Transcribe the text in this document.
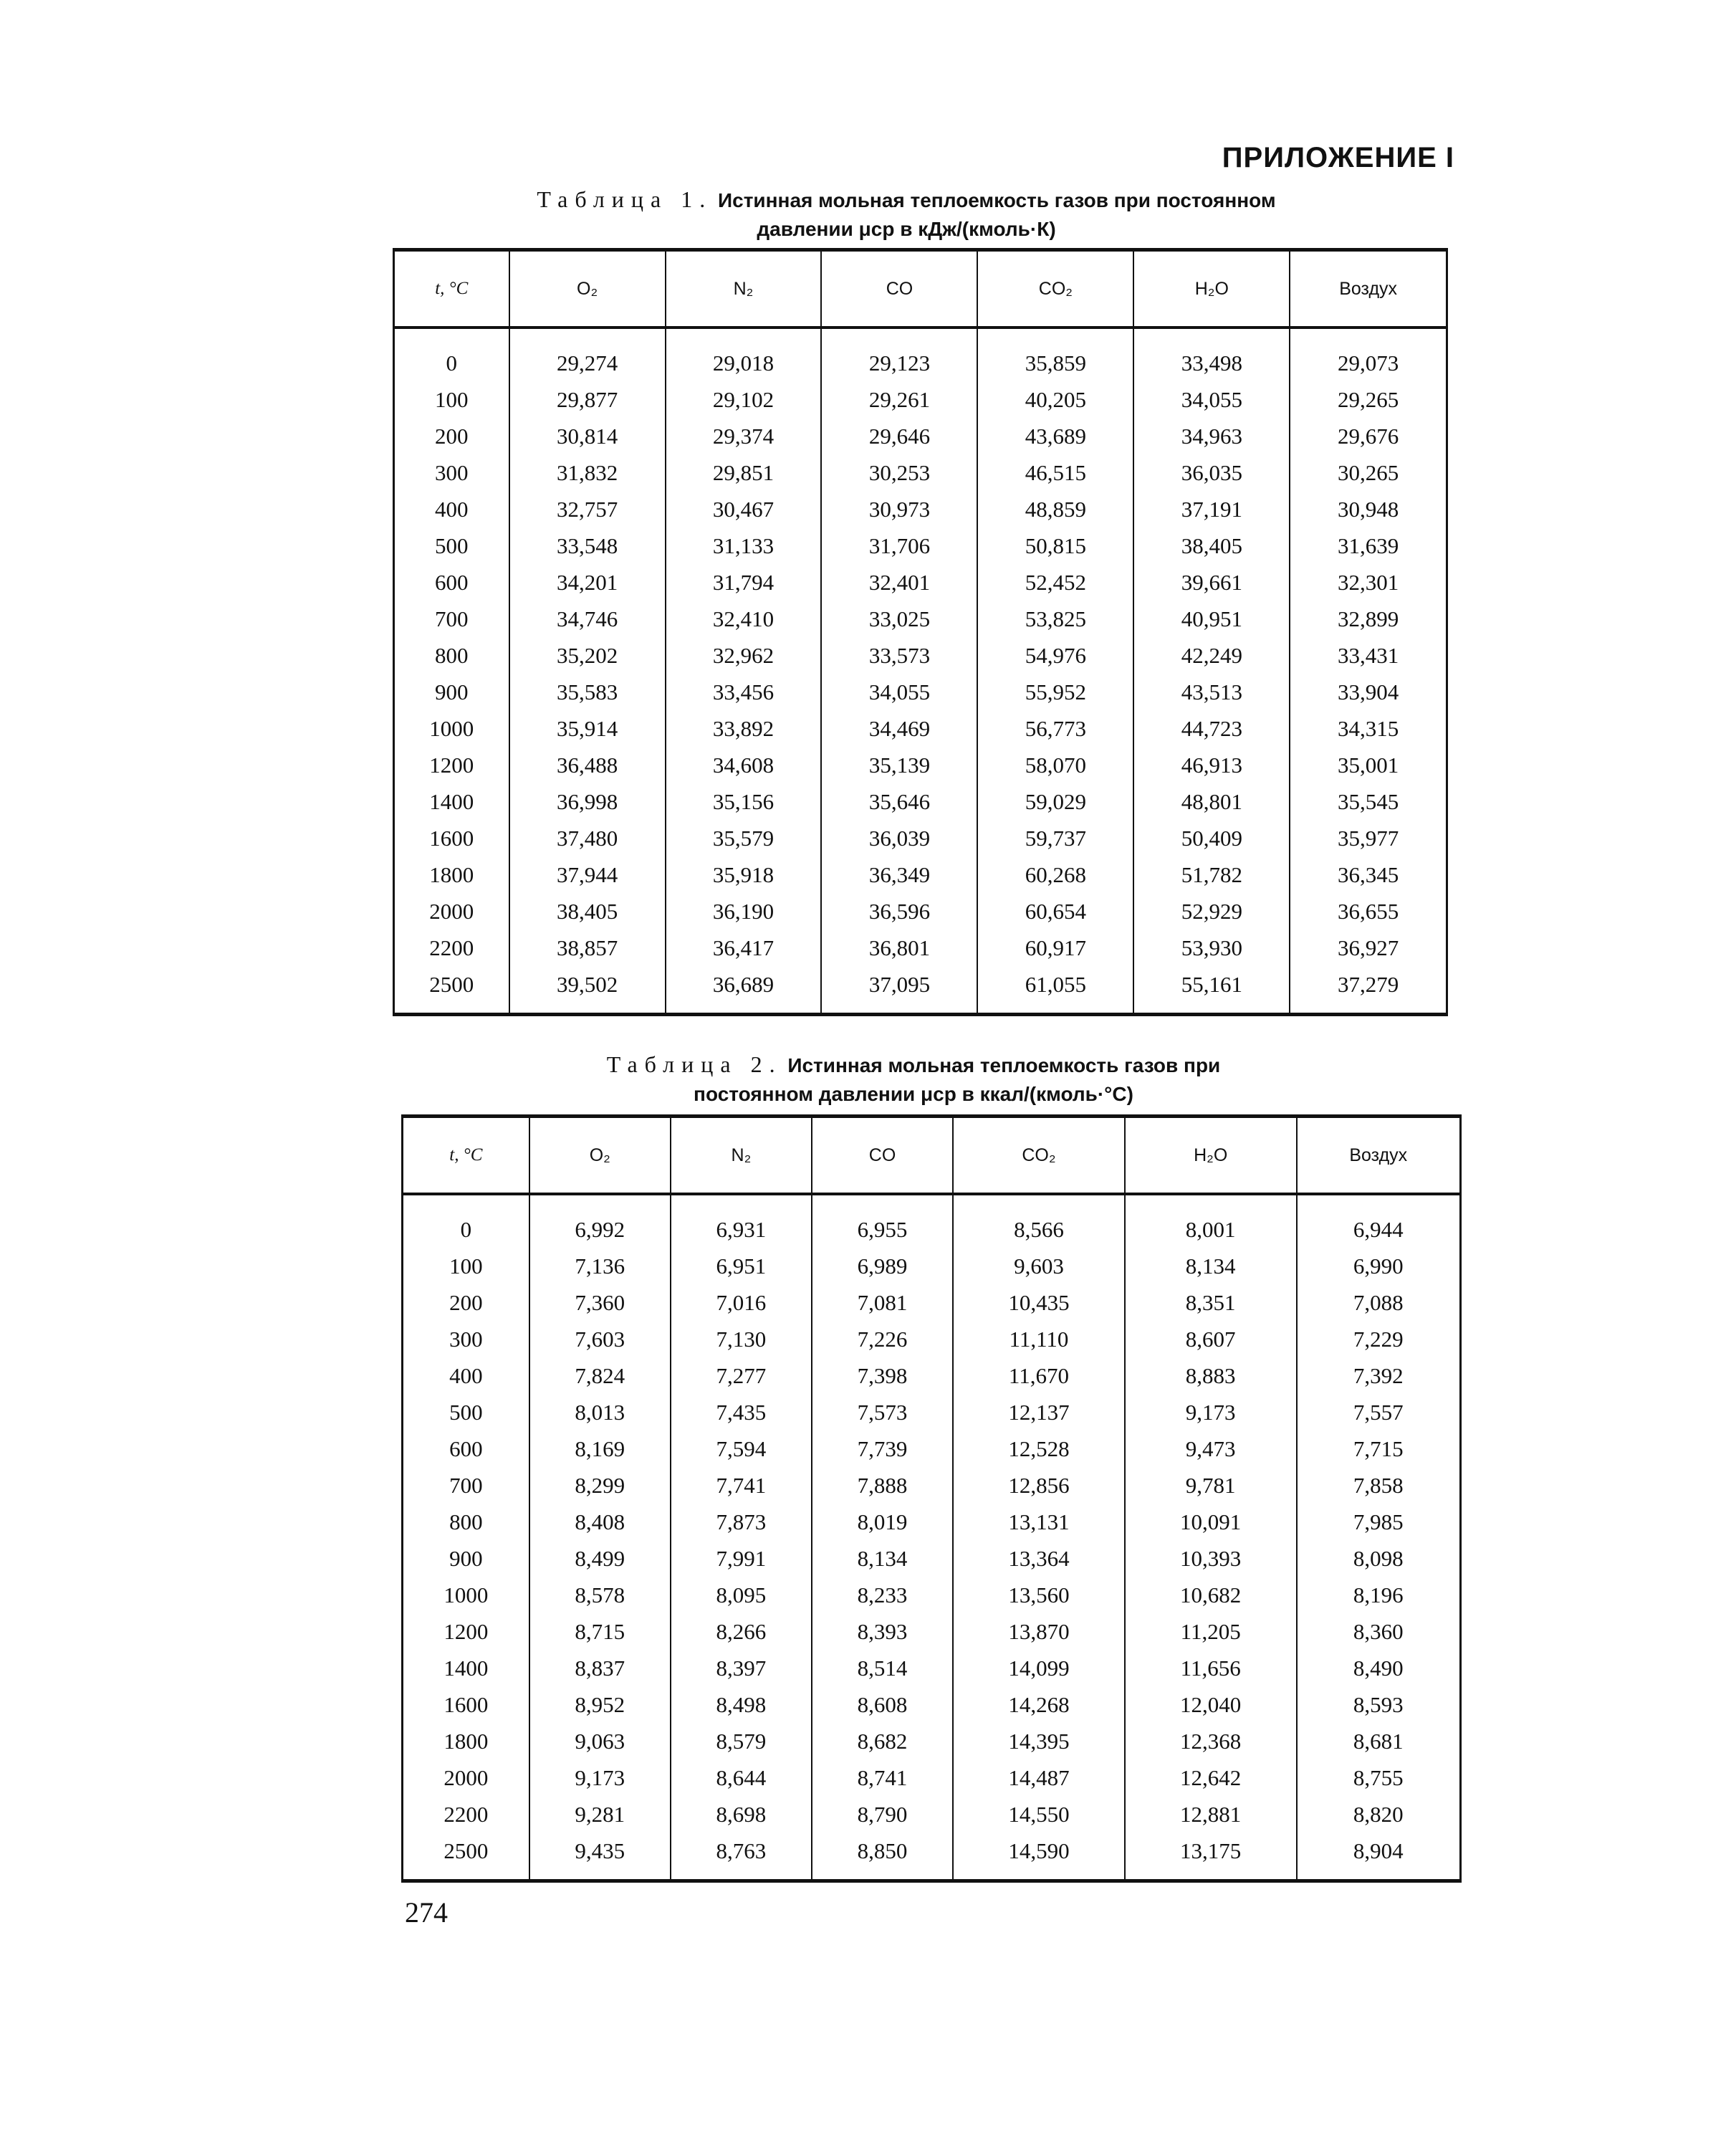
ПРИЛОЖЕНИЕ I
Таблица 1. Истинная мольная теплоемкость газов при постоянном
давлении μcp в кДж/(кмоль·К)
t, °C	O₂	N₂	CO	CO₂	H₂O	Воздух
0	29,274	29,018	29,123	35,859	33,498	29,073
100	29,877	29,102	29,261	40,205	34,055	29,265
200	30,814	29,374	29,646	43,689	34,963	29,676
300	31,832	29,851	30,253	46,515	36,035	30,265
400	32,757	30,467	30,973	48,859	37,191	30,948
500	33,548	31,133	31,706	50,815	38,405	31,639
600	34,201	31,794	32,401	52,452	39,661	32,301
700	34,746	32,410	33,025	53,825	40,951	32,899
800	35,202	32,962	33,573	54,976	42,249	33,431
900	35,583	33,456	34,055	55,952	43,513	33,904
1000	35,914	33,892	34,469	56,773	44,723	34,315
1200	36,488	34,608	35,139	58,070	46,913	35,001
1400	36,998	35,156	35,646	59,029	48,801	35,545
1600	37,480	35,579	36,039	59,737	50,409	35,977
1800	37,944	35,918	36,349	60,268	51,782	36,345
2000	38,405	36,190	36,596	60,654	52,929	36,655
2200	38,857	36,417	36,801	60,917	53,930	36,927
2500	39,502	36,689	37,095	61,055	55,161	37,279
Таблица 2. Истинная мольная теплоемкость газов при
постоянном давлении μcp в ккал/(кмоль·°С)
t, °C	O₂	N₂	CO	CO₂	H₂O	Воздух
0	6,992	6,931	6,955	8,566	8,001	6,944
100	7,136	6,951	6,989	9,603	8,134	6,990
200	7,360	7,016	7,081	10,435	8,351	7,088
300	7,603	7,130	7,226	11,110	8,607	7,229
400	7,824	7,277	7,398	11,670	8,883	7,392
500	8,013	7,435	7,573	12,137	9,173	7,557
600	8,169	7,594	7,739	12,528	9,473	7,715
700	8,299	7,741	7,888	12,856	9,781	7,858
800	8,408	7,873	8,019	13,131	10,091	7,985
900	8,499	7,991	8,134	13,364	10,393	8,098
1000	8,578	8,095	8,233	13,560	10,682	8,196
1200	8,715	8,266	8,393	13,870	11,205	8,360
1400	8,837	8,397	8,514	14,099	11,656	8,490
1600	8,952	8,498	8,608	14,268	12,040	8,593
1800	9,063	8,579	8,682	14,395	12,368	8,681
2000	9,173	8,644	8,741	14,487	12,642	8,755
2200	9,281	8,698	8,790	14,550	12,881	8,820
2500	9,435	8,763	8,850	14,590	13,175	8,904
274
